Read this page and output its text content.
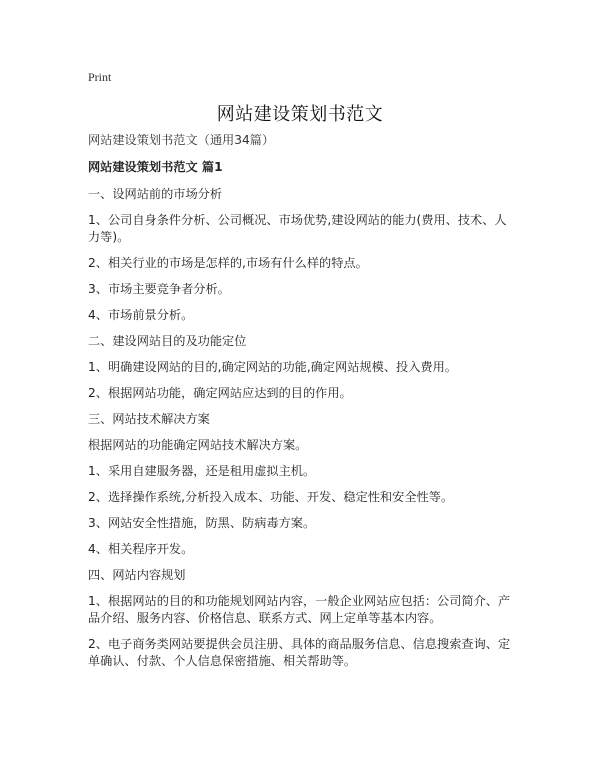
Print
网站建设策划书范文

网站建设策划书范文（通用34篇）

网站建设策划书范文 篇1

一、设网站前的市场分析

1、公司自身条件分析、公司概况、市场优势,建设网站的能力(费用、技术、人力等)。

2、相关行业的市场是怎样的,市场有什么样的特点。

3、市场主要竞争者分析。

4、市场前景分析。

二、建设网站目的及功能定位

1、明确建设网站的目的,确定网站的功能,确定网站规模、投入费用。

2、根据网站功能，确定网站应达到的目的作用。

三、网站技术解决方案

根据网站的功能确定网站技术解决方案。

1、采用自建服务器，还是租用虚拟主机。

2、选择操作系统,分析投入成本、功能、开发、稳定性和安全性等。

3、网站安全性措施，防黑、防病毒方案。

4、相关程序开发。

四、网站内容规划

1、根据网站的目的和功能规划网站内容，一般企业网站应包括：公司简介、产品介绍、服务内容、价格信息、联系方式、网上定单等基本内容。

2、电子商务类网站要提供会员注册、具体的商品服务信息、信息搜索查询、定单确认、付款、个人信息保密措施、相关帮助等。
